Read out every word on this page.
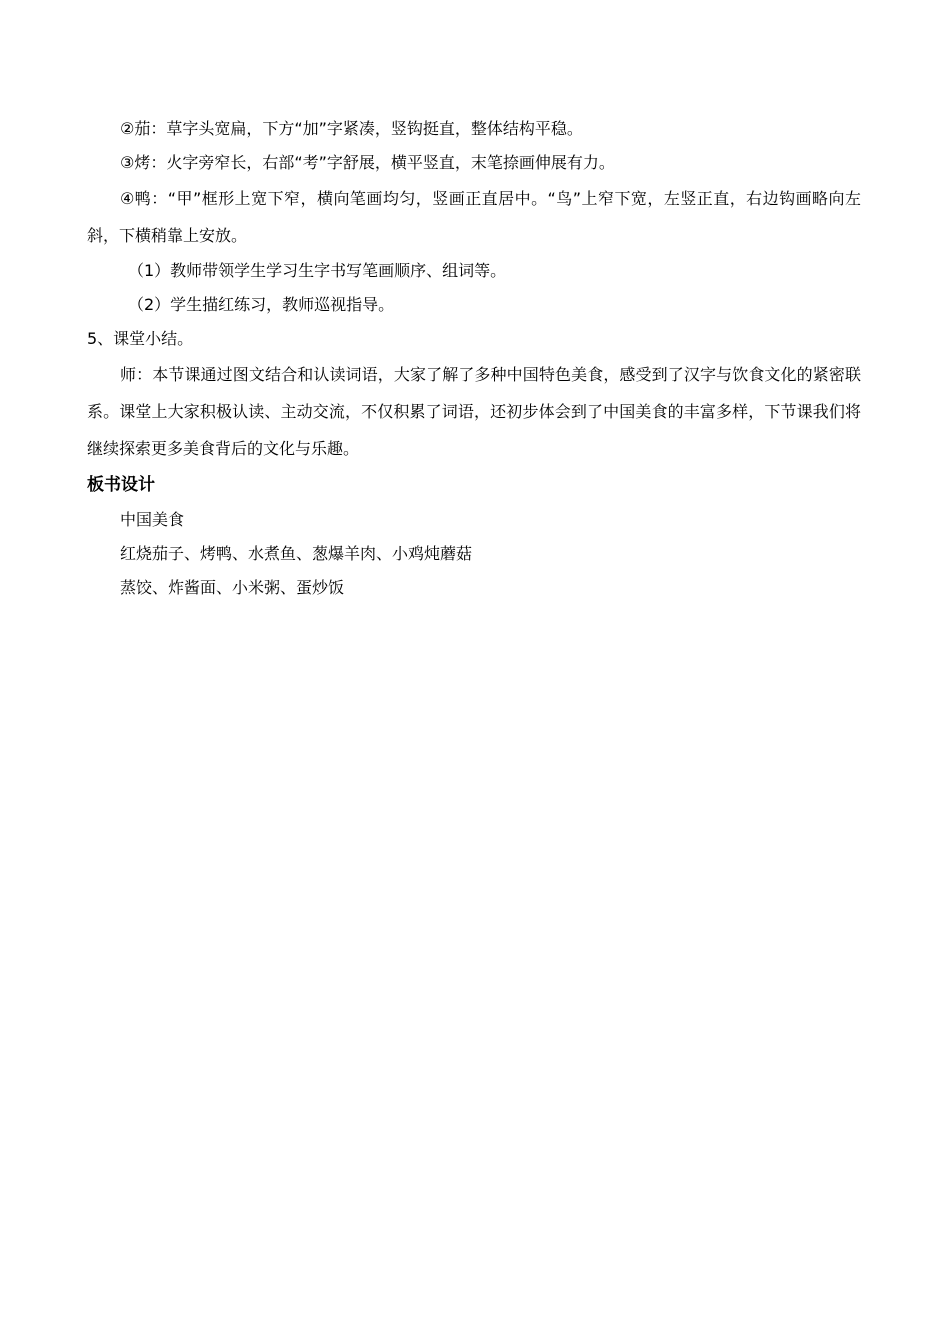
②茄：草字头宽扁，下方“加”字紧凑，竖钩挺直，整体结构平稳。
③烤：火字旁窄长，右部“考”字舒展，横平竖直，末笔捺画伸展有力。
④鸭：“甲”框形上宽下窄，横向笔画均匀，竖画正直居中。“鸟”上窄下宽，左竖正直，右边钩画略向左斜，下横稍靠上安放。
（1）教师带领学生学习生字书写笔画顺序、组词等。
（2）学生描红练习，教师巡视指导。
5、课堂小结。
师：本节课通过图文结合和认读词语，大家了解了多种中国特色美食，感受到了汉字与饮食文化的紧密联系。课堂上大家积极认读、主动交流，不仅积累了词语，还初步体会到了中国美食的丰富多样，下节课我们将继续探索更多美食背后的文化与乐趣。
板书设计
中国美食
红烧茄子、烤鸭、水煮鱼、葱爆羊肉、小鸡炖蘑菇
蒸饺、炸酱面、小米粥、蛋炒饭
